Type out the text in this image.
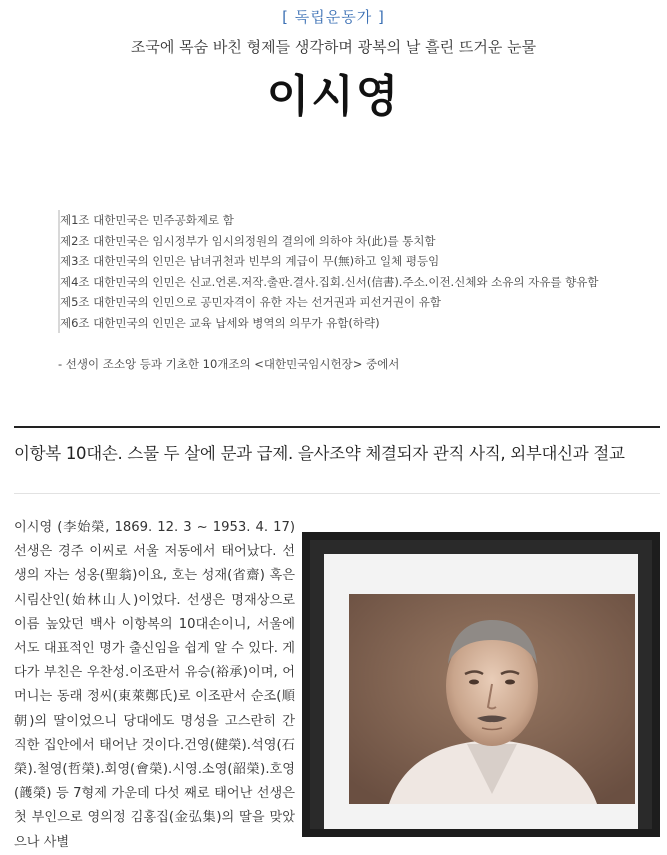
[ 독립운동가 ]
조국에 목숨 바친 형제들 생각하며 광복의 날 흘린 뜨거운 눈물
이시영
제1조 대한민국은 민주공화제로 함
제2조 대한민국은 임시정부가 임시의정원의 결의에 의하야 차(此)를 통치함
제3조 대한민국의 인민은 남녀귀천과 빈부의 계급이 무(無)하고 일체 평등임
제4조 대한민국의 인민은 신교.언론.저작.출판.결사.집회.신서(信書).주소.이전.신체와 소유의 자유를 향유함
제5조 대한민국의 인민으로 공민자격이 유한 자는 선거권과 피선거권이 유함
제6조 대한민국의 인민은 교육 납세와 병역의 의무가 유함(하략)
- 선생이 조소앙 등과 기초한 10개조의 <대한민국임시헌장> 중에서
이항복 10대손. 스물 두 살에 문과 급제. 을사조약 체결되자 관직 사직, 외부대신과 절교

이시영 (李始榮, 1869. 12. 3 ~ 1953. 4. 17) 선생은 경주 이씨로 서울 저동에서 태어났다. 선생의 자는 성옹(聖翁)이요, 호는 성재(省齋) 혹은 시림산인(始林山人)이었다. 선생은 명재상으로 이름 높았던 백사 이항복의 10대손이니, 서울에서도 대표적인 명가 출신임을 쉽게 알 수 있다. 게다가 부친은 우찬성.이조판서 유승(裕承)이며, 어머니는 동래 정씨(東萊鄭氏)로 이조판서 순조(順朝)의 딸이었으니 당대에도 명성을 고스란히 간직한 집안에서 태어난 것이다.건영(健榮).석영(石榮).철영(哲榮).회영(會榮).시영.소영(韶榮).호영(頀榮) 등 7형제 가운데 다섯 째로 태어난 선생은 첫 부인으로 영의정 김홍집(金弘集)의 딸을 맞았으나 사별
